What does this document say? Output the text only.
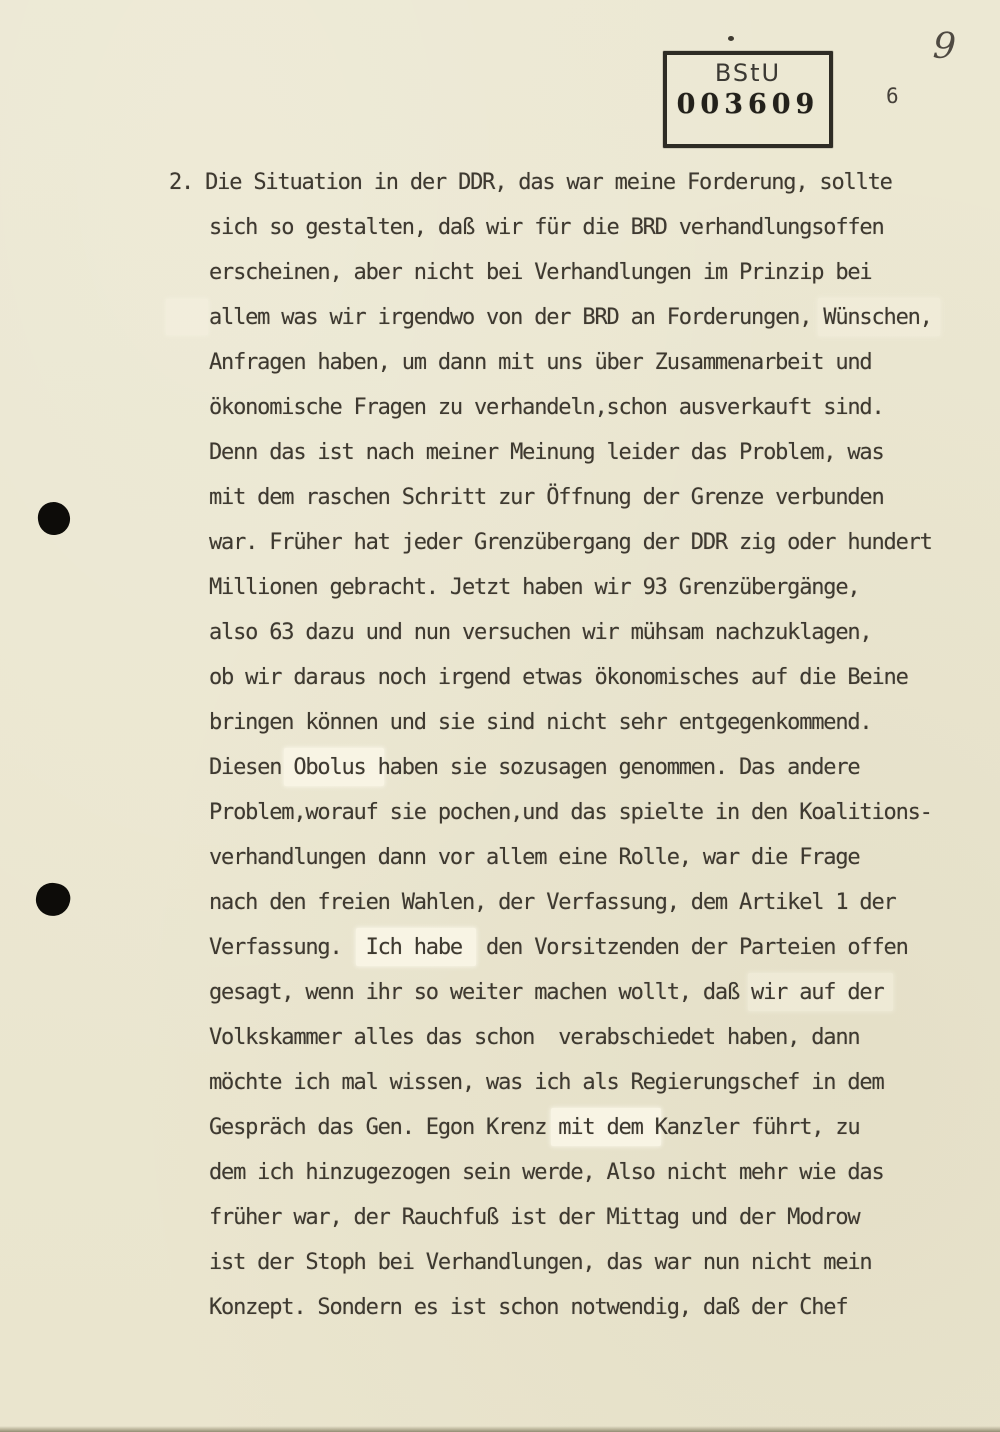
BStU
003609
9
6
2. Die Situation in der DDR, das war meine Forderung, sollte
sich so gestalten, daß wir für die BRD verhandlungsoffen
erscheinen, aber nicht bei Verhandlungen im Prinzip bei
allem was wir irgendwo von der BRD an Forderungen, Wünschen,
Anfragen haben, um dann mit uns über Zusammenarbeit und
ökonomische Fragen zu verhandeln,schon ausverkauft sind.
Denn das ist nach meiner Meinung leider das Problem, was
mit dem raschen Schritt zur Öffnung der Grenze verbunden
war. Früher hat jeder Grenzübergang der DDR zig oder hundert
Millionen gebracht. Jetzt haben wir 93 Grenzübergänge,
also 63 dazu und nun versuchen wir mühsam nachzuklagen,
ob wir daraus noch irgend etwas ökonomisches auf die Beine
bringen können und sie sind nicht sehr entgegenkommend.
Diesen Obolus haben sie sozusagen genommen. Das andere
Problem,worauf sie pochen,und das spielte in den Koalitions-
verhandlungen dann vor allem eine Rolle, war die Frage
nach den freien Wahlen, der Verfassung, dem Artikel 1 der
Verfassung.  Ich habe  den Vorsitzenden der Parteien offen
gesagt, wenn ihr so weiter machen wollt, daß wir auf der
Volkskammer alles das schon  verabschiedet haben, dann
möchte ich mal wissen, was ich als Regierungschef in dem
Gespräch das Gen. Egon Krenz mit dem Kanzler führt, zu
dem ich hinzugezogen sein werde, Also nicht mehr wie das
früher war, der Rauchfuß ist der Mittag und der Modrow
ist der Stoph bei Verhandlungen, das war nun nicht mein
Konzept. Sondern es ist schon notwendig, daß der Chef
